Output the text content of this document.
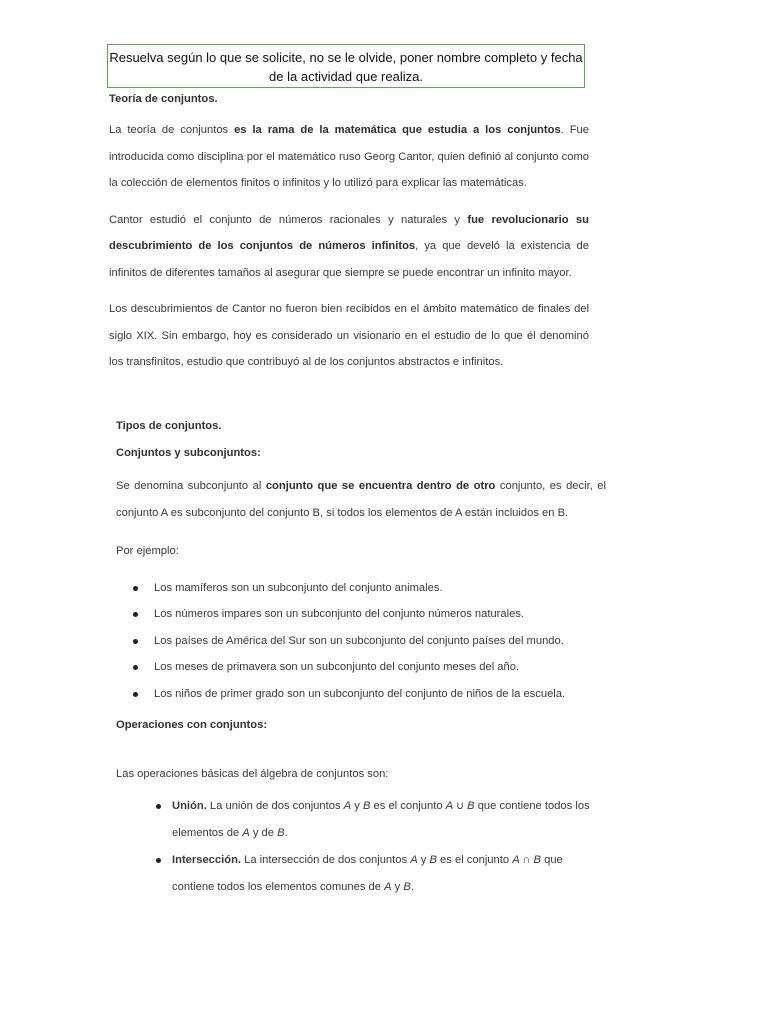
Resuelva según lo que se solicite, no se le olvide, poner nombre completo y fecha
de la actividad que realiza.

Teoría de conjuntos.

La teoría de conjuntos es la rama de la matemática que estudia a los conjuntos. Fue introducida como disciplina por el matemático ruso Georg Cantor, quien definió al conjunto como la colección de elementos finitos o infinitos y lo utilizó para explicar las matemáticas.

Cantor estudió el conjunto de números racionales y naturales y fue revolucionario su descubrimiento de los conjuntos de números infinitos, ya que develó la existencia de infinitos de diferentes tamaños al asegurar que siempre se puede encontrar un infinito mayor.

Los descubrimientos de Cantor no fueron bien recibidos en el ámbito matemático de finales del siglo XIX. Sin embargo, hoy es considerado un visionario en el estudio de lo que él denominó los transfinitos, estudio que contribuyó al de los conjuntos abstractos e infinitos.

Tipos de conjuntos.

Conjuntos y subconjuntos:

Se denomina subconjunto al conjunto que se encuentra dentro de otro conjunto, es decir, el conjunto A es subconjunto del conjunto B, si todos los elementos de A están incluidos en B.

Por ejemplo:

Los mamíferos son un subconjunto del conjunto animales.
Los números impares son un subconjunto del conjunto números naturales.
Los países de América del Sur son un subconjunto del conjunto países del mundo.
Los meses de primavera son un subconjunto del conjunto meses del año.
Los niños de primer grado son un subconjunto del conjunto de niños de la escuela.

Operaciones con conjuntos:

Las operaciones básicas del álgebra de conjuntos son:

Unión. La unión de dos conjuntos A y B es el conjunto A ∪ B que contiene todos los elementos de A y de B.
Intersección. La intersección de dos conjuntos A y B es el conjunto A ∩ B que contiene todos los elementos comunes de A y B.
